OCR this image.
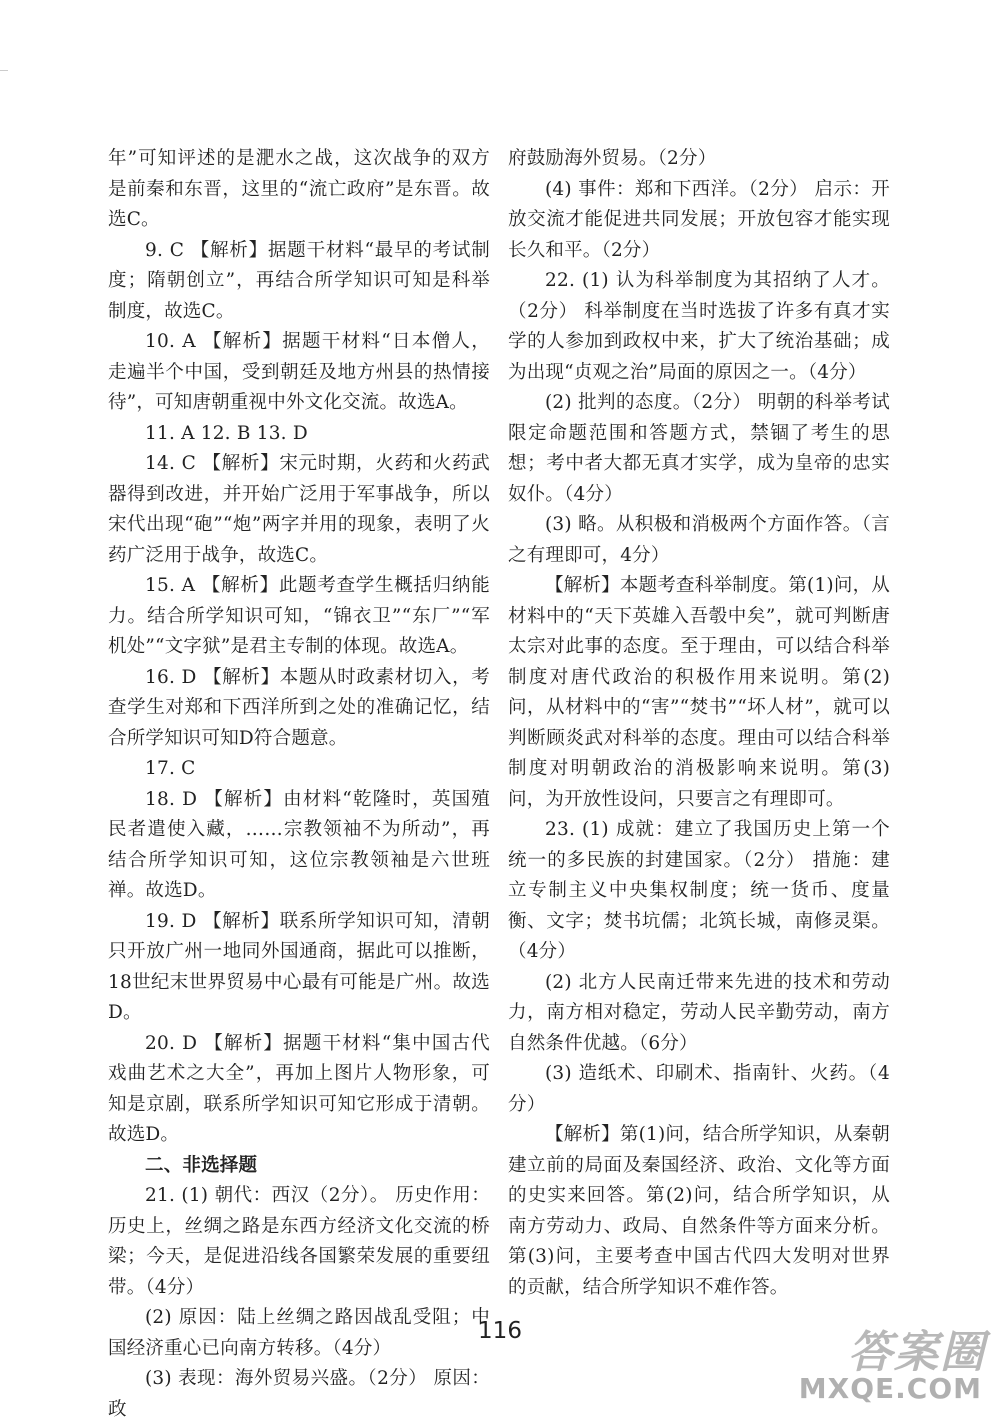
年”可知评述的是淝水之战，这次战争的双方是前秦和东晋，这里的“流亡政府”是东晋。故选C。

9. C 【解析】据题干材料“最早的考试制度；隋朝创立”，再结合所学知识可知是科举制度，故选C。

10. A 【解析】据题干材料“日本僧人，走遍半个中国，受到朝廷及地方州县的热情接待”，可知唐朝重视中外文化交流。故选A。

11. A 12. B 13. D

14. C 【解析】宋元时期，火药和火药武器得到改进，并开始广泛用于军事战争，所以宋代出现“砲”“炮”两字并用的现象，表明了火药广泛用于战争，故选C。

15. A 【解析】此题考查学生概括归纳能力。结合所学知识可知，“锦衣卫”“东厂”“军机处”“文字狱”是君主专制的体现。故选A。

16. D 【解析】本题从时政素材切入，考查学生对郑和下西洋所到之处的准确记忆，结合所学知识可知D符合题意。

17. C

18. D 【解析】由材料“乾隆时，英国殖民者遣使入藏，……宗教领袖不为所动”，再结合所学知识可知，这位宗教领袖是六世班禅。故选D。

19. D 【解析】联系所学知识可知，清朝只开放广州一地同外国通商，据此可以推断，18世纪末世界贸易中心最有可能是广州。故选D。

20. D 【解析】据题干材料“集中国古代戏曲艺术之大全”，再加上图片人物形象，可知是京剧，联系所学知识可知它形成于清朝。故选D。

二、非选择题

21. (1) 朝代：西汉（2分）。 历史作用：历史上，丝绸之路是东西方经济文化交流的桥梁；今天，是促进沿线各国繁荣发展的重要纽带。（4分）

(2) 原因：陆上丝绸之路因战乱受阻；中国经济重心已向南方转移。（4分）

(3) 表现：海外贸易兴盛。（2分） 原因：政

府鼓励海外贸易。（2分）

(4) 事件：郑和下西洋。（2分） 启示：开放交流才能促进共同发展；开放包容才能实现长久和平。（2分）

22. (1) 认为科举制度为其招纳了人才。（2分） 科举制度在当时选拔了许多有真才实学的人参加到政权中来，扩大了统治基础；成为出现“贞观之治”局面的原因之一。（4分）

(2) 批判的态度。（2分） 明朝的科举考试限定命题范围和答题方式，禁锢了考生的思想；考中者大都无真才实学，成为皇帝的忠实奴仆。（4分）

(3) 略。从积极和消极两个方面作答。（言之有理即可，4分）

【解析】本题考查科举制度。第(1)问，从材料中的“天下英雄入吾彀中矣”，就可判断唐太宗对此事的态度。至于理由，可以结合科举制度对唐代政治的积极作用来说明。第(2)问，从材料中的“害”“焚书”“坏人材”，就可以判断顾炎武对科举的态度。理由可以结合科举制度对明朝政治的消极影响来说明。第(3)问，为开放性设问，只要言之有理即可。

23. (1) 成就：建立了我国历史上第一个统一的多民族的封建国家。（2分） 措施：建立专制主义中央集权制度；统一货币、度量衡、文字；焚书坑儒；北筑长城，南修灵渠。（4分）

(2) 北方人民南迁带来先进的技术和劳动力，南方相对稳定，劳动人民辛勤劳动，南方自然条件优越。（6分）

(3) 造纸术、印刷术、指南针、火药。（4分）

【解析】第(1)问，结合所学知识，从秦朝建立前的局面及秦国经济、政治、文化等方面的史实来回答。第(2)问，结合所学知识，从南方劳动力、政局、自然条件等方面来分析。第(3)问，主要考查中国古代四大发明对世界的贡献，结合所学知识不难作答。

116	答案圈
MXQE.COM
